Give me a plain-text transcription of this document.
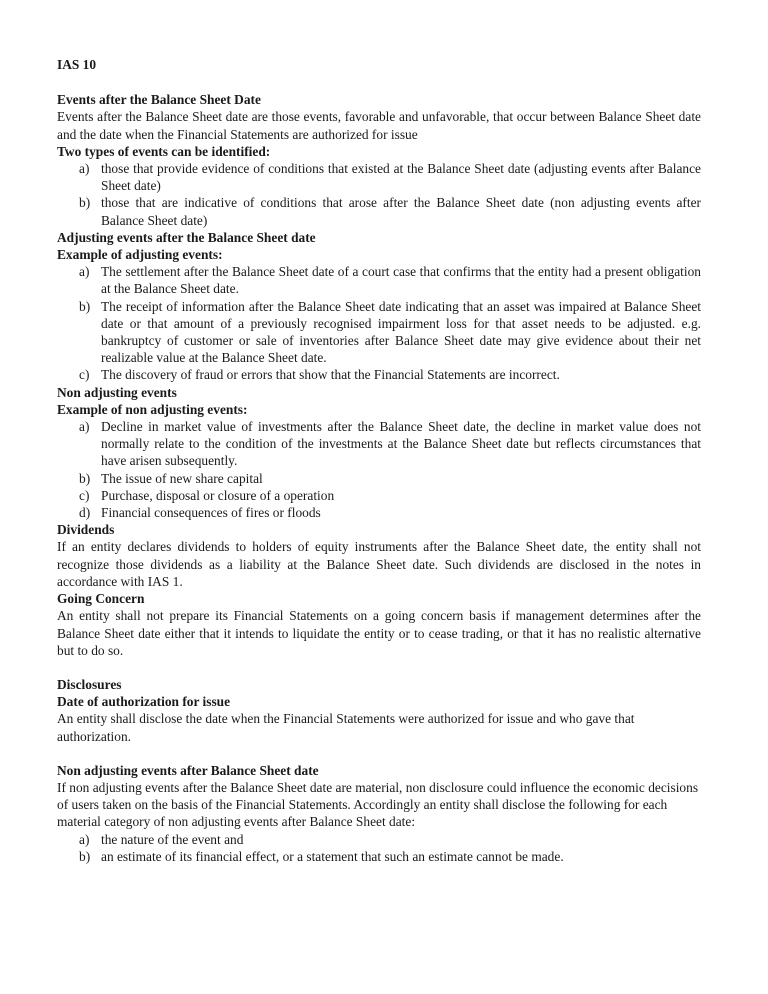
IAS 10

Events after the Balance Sheet Date

Events after the Balance Sheet date are those events, favorable and unfavorable, that occur between Balance Sheet date and the date when the Financial Statements are authorized for issue

Two types of events can be identified:

a) those that provide evidence of conditions that existed at the Balance Sheet date (adjusting events after Balance Sheet date)
b) those that are indicative of conditions that arose after the Balance Sheet date (non adjusting events after Balance Sheet date)

Adjusting events after the Balance Sheet date

Example of adjusting events:

a) The settlement after the Balance Sheet date of a court case that confirms that the entity had a present obligation at the Balance Sheet date.
b) The receipt of information after the Balance Sheet date indicating that an asset was impaired at Balance Sheet date or that amount of a previously recognised impairment loss for that asset needs to be adjusted. e.g. bankruptcy of customer or sale of inventories after Balance Sheet date may give evidence about their net realizable value at the Balance Sheet date.
c) The discovery of fraud or errors that show that the Financial Statements are incorrect.

Non adjusting events

Example of non adjusting events:

a) Decline in market value of investments after the Balance Sheet date, the decline in market value does not normally relate to the condition of the investments at the Balance Sheet date but reflects circumstances that have arisen subsequently.
b) The issue of new share capital
c) Purchase, disposal or closure of a operation
d) Financial consequences of fires or floods

Dividends

If an entity declares dividends to holders of equity instruments after the Balance Sheet date, the entity shall not recognize those dividends as a liability at the Balance Sheet date. Such dividends are disclosed in the notes in accordance with IAS 1.

Going Concern

An entity shall not prepare its Financial Statements on a going concern basis if management determines after the Balance Sheet date either that it intends to liquidate the entity or to cease trading, or that it has no realistic alternative but to do so.

Disclosures

Date of authorization for issue

An entity shall disclose the date when the Financial Statements were authorized for issue and who gave that authorization.

Non adjusting events after Balance Sheet date

If non adjusting events after the Balance Sheet date are material, non disclosure could influence the economic decisions of users taken on the basis of the Financial Statements. Accordingly an entity shall disclose the following for each material category of non adjusting events after Balance Sheet date:

a) the nature of the event and
b) an estimate of its financial effect, or a statement that such an estimate cannot be made.
